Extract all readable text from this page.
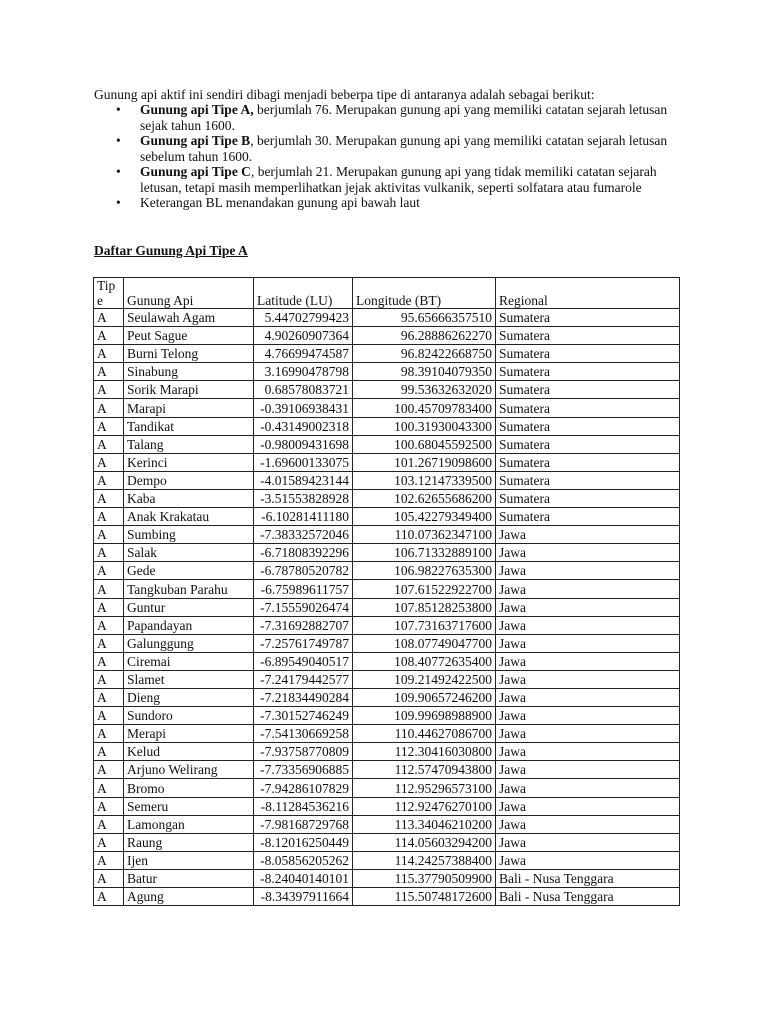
Gunung api aktif ini sendiri dibagi menjadi beberpa tipe di antaranya adalah sebagai berikut:
•	Gunung api Tipe A, berjumlah 76. Merupakan gunung api yang memiliki catatan sejarah letusan sejak tahun 1600.
•	Gunung api Tipe B, berjumlah 30. Merupakan gunung api yang memiliki catatan sejarah letusan sebelum tahun 1600.
•	Gunung api Tipe C, berjumlah 21. Merupakan gunung api yang tidak memiliki catatan sejarah letusan, tetapi masih memperlihatkan jejak aktivitas vulkanik, seperti solfatara atau fumarole
•	Keterangan BL menandakan gunung api bawah laut
Daftar Gunung Api Tipe A
Tipe	Gunung Api	Latitude (LU)	Longitude (BT)	Regional
A	Seulawah Agam	5.44702799423	95.65666357510	Sumatera
A	Peut Sague	4.90260907364	96.28886262270	Sumatera
A	Burni Telong	4.76699474587	96.82422668750	Sumatera
A	Sinabung	3.16990478798	98.39104079350	Sumatera
A	Sorik Marapi	0.68578083721	99.53632632020	Sumatera
A	Marapi	-0.39106938431	100.45709783400	Sumatera
A	Tandikat	-0.43149002318	100.31930043300	Sumatera
A	Talang	-0.98009431698	100.68045592500	Sumatera
A	Kerinci	-1.69600133075	101.26719098600	Sumatera
A	Dempo	-4.01589423144	103.12147339500	Sumatera
A	Kaba	-3.51553828928	102.62655686200	Sumatera
A	Anak Krakatau	-6.10281411180	105.42279349400	Sumatera
A	Sumbing	-7.38332572046	110.07362347100	Jawa
A	Salak	-6.71808392296	106.71332889100	Jawa
A	Gede	-6.78780520782	106.98227635300	Jawa
A	Tangkuban Parahu	-6.75989611757	107.61522922700	Jawa
A	Guntur	-7.15559026474	107.85128253800	Jawa
A	Papandayan	-7.31692882707	107.73163717600	Jawa
A	Galunggung	-7.25761749787	108.07749047700	Jawa
A	Ciremai	-6.89549040517	108.40772635400	Jawa
A	Slamet	-7.24179442577	109.21492422500	Jawa
A	Dieng	-7.21834490284	109.90657246200	Jawa
A	Sundoro	-7.30152746249	109.99698988900	Jawa
A	Merapi	-7.54130669258	110.44627086700	Jawa
A	Kelud	-7.93758770809	112.30416030800	Jawa
A	Arjuno Welirang	-7.73356906885	112.57470943800	Jawa
A	Bromo	-7.94286107829	112.95296573100	Jawa
A	Semeru	-8.11284536216	112.92476270100	Jawa
A	Lamongan	-7.98168729768	113.34046210200	Jawa
A	Raung	-8.12016250449	114.05603294200	Jawa
A	Ijen	-8.05856205262	114.24257388400	Jawa
A	Batur	-8.24040140101	115.37790509900	Bali - Nusa Tenggara
A	Agung	-8.34397911664	115.50748172600	Bali - Nusa Tenggara
